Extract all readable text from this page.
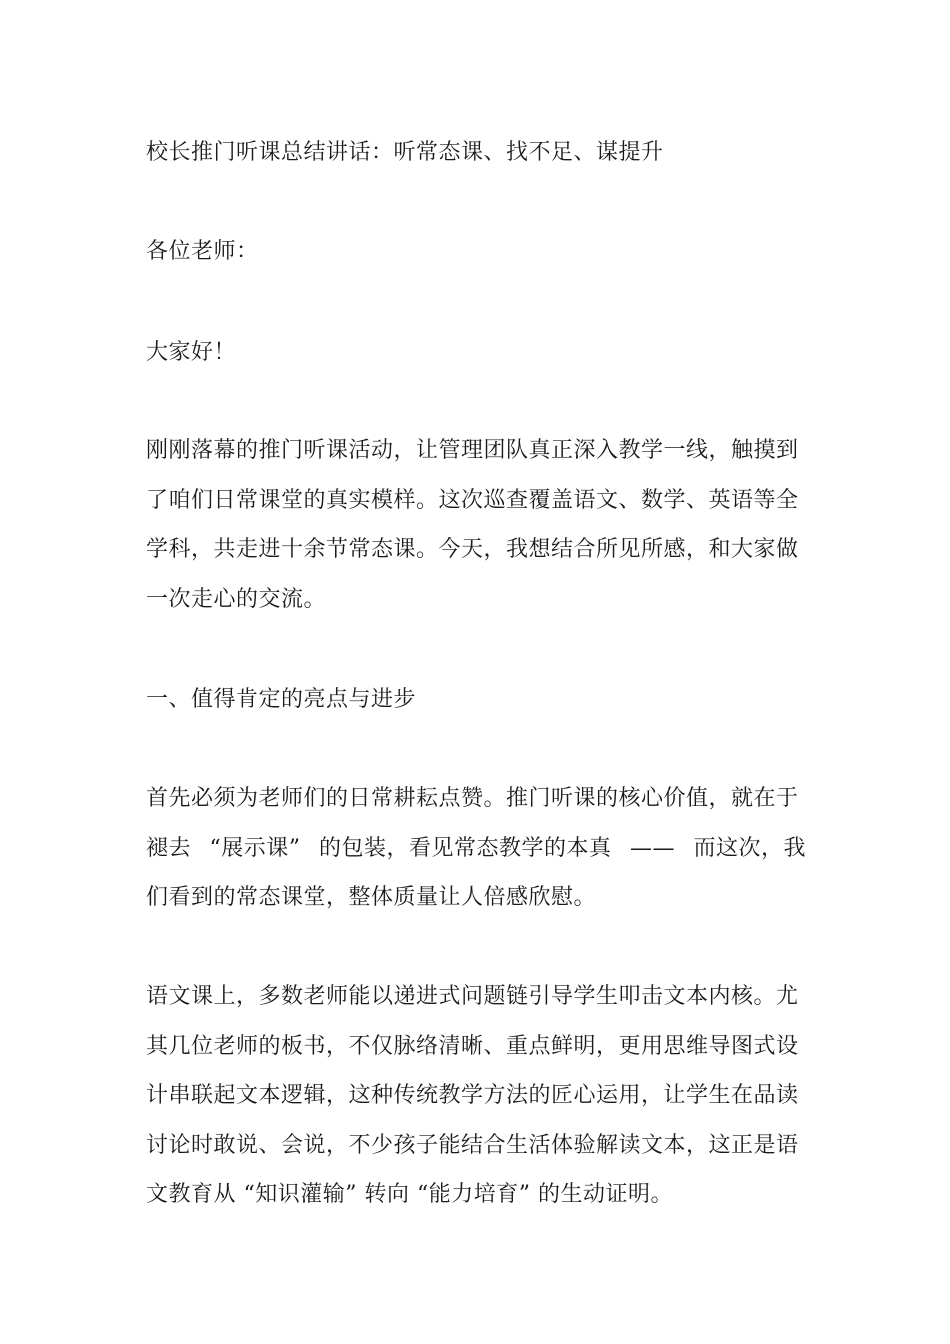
校长推门听课总结讲话：听常态课、找不足、谋提升

各位老师：

大家好！

刚刚落幕的推门听课活动，让管理团队真正深入教学一线，触摸到
了咱们日常课堂的真实模样。这次巡查覆盖语文、数学、英语等全
学科，共走进十余节常态课。今天，我想结合所见所感，和大家做
一次走心的交流。

一、值得肯定的亮点与进步

首先必须为老师们的日常耕耘点赞。推门听课的核心价值，就在于
褪去 “展示课” 的包装，看见常态教学的本真 —— 而这次，我
们看到的常态课堂，整体质量让人倍感欣慰。
语文课上，多数老师能以递进式问题链引导学生叩击文本内核。尤
其几位老师的板书，不仅脉络清晰、重点鲜明，更用思维导图式设
计串联起文本逻辑，这种传统教学方法的匠心运用，让学生在品读
讨论时敢说、会说，不少孩子能结合生活体验解读文本，这正是语
文教育从 “知识灌输” 转向 “能力培育” 的生动证明。
